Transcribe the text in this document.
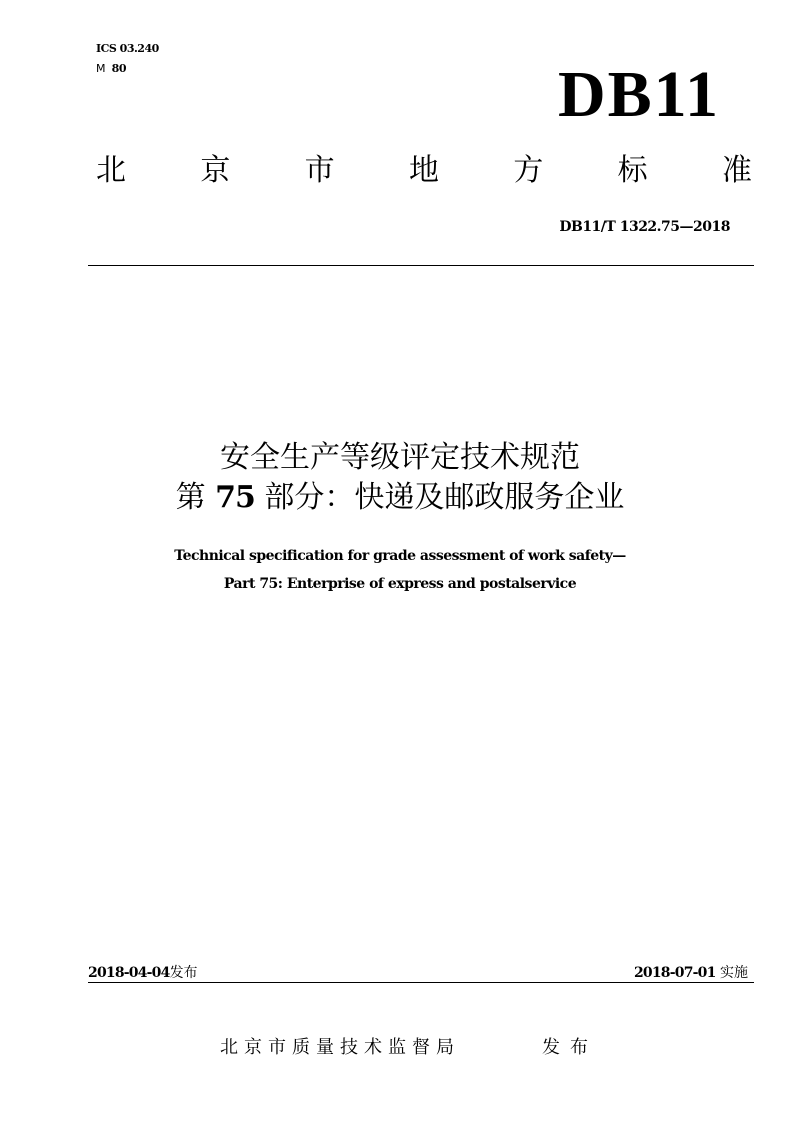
ICS 03.240
M 80	DB11
北 京 市 地 方 标 准
DB11/T 1322.75—2018
安全生产等级评定技术规范
第 75 部分：快递及邮政服务企业
Technical specification for grade assessment of work safety—
Part 75: Enterprise of express and postalservice
2018-04-04发布	2018-07-01 实施
北京市质量技术监督局	发布
